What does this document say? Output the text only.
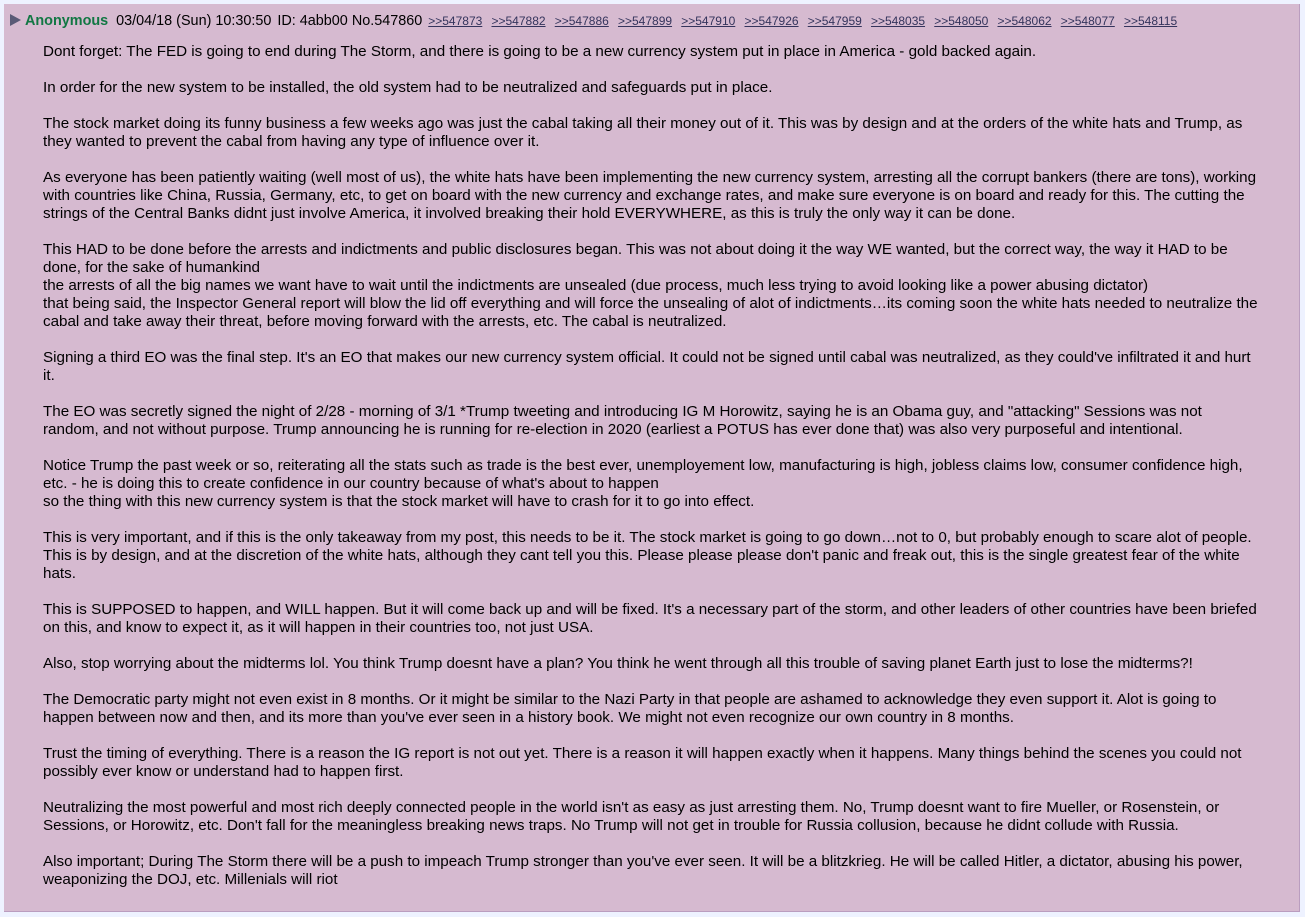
Anonymous 03/04/18 (Sun) 10:30:50 ID: 4abb00 No.547860 >>547873 >>547882 >>547886 >>547899 >>547910 >>547926 >>547959 >>548035 >>548050 >>548062 >>548077 >>548115
Dont forget: The FED is going to end during The Storm, and there is going to be a new currency system put in place in America - gold backed again.
In order for the new system to be installed, the old system had to be neutralized and safeguards put in place.
The stock market doing its funny business a few weeks ago was just the cabal taking all their money out of it. This was by design and at the orders of the white hats and Trump, as they wanted to prevent the cabal from having any type of influence over it.
As everyone has been patiently waiting (well most of us), the white hats have been implementing the new currency system, arresting all the corrupt bankers (there are tons), working with countries like China, Russia, Germany, etc, to get on board with the new currency and exchange rates, and make sure everyone is on board and ready for this. The cutting the strings of the Central Banks didnt just involve America, it involved breaking their hold EVERYWHERE, as this is truly the only way it can be done.
This HAD to be done before the arrests and indictments and public disclosures began. This was not about doing it the way WE wanted, but the correct way, the way it HAD to be done, for the sake of humankind
the arrests of all the big names we want have to wait until the indictments are unsealed (due process, much less trying to avoid looking like a power abusing dictator)
that being said, the Inspector General report will blow the lid off everything and will force the unsealing of alot of indictments…its coming soon the white hats needed to neutralize the cabal and take away their threat, before moving forward with the arrests, etc. The cabal is neutralized.
Signing a third EO was the final step. It's an EO that makes our new currency system official. It could not be signed until cabal was neutralized, as they could've infiltrated it and hurt it.
The EO was secretly signed the night of 2/28 - morning of 3/1 *Trump tweeting and introducing IG M Horowitz, saying he is an Obama guy, and "attacking" Sessions was not random, and not without purpose. Trump announcing he is running for re-election in 2020 (earliest a POTUS has ever done that) was also very purposeful and intentional.
Notice Trump the past week or so, reiterating all the stats such as trade is the best ever, unemployement low, manufacturing is high, jobless claims low, consumer confidence high, etc. - he is doing this to create confidence in our country because of what's about to happen
so the thing with this new currency system is that the stock market will have to crash for it to go into effect.
This is very important, and if this is the only takeaway from my post, this needs to be it. The stock market is going to go down…not to 0, but probably enough to scare alot of people. This is by design, and at the discretion of the white hats, although they cant tell you this. Please please please don't panic and freak out, this is the single greatest fear of the white hats.
This is SUPPOSED to happen, and WILL happen. But it will come back up and will be fixed. It's a necessary part of the storm, and other leaders of other countries have been briefed on this, and know to expect it, as it will happen in their countries too, not just USA.
Also, stop worrying about the midterms lol. You think Trump doesnt have a plan? You think he went through all this trouble of saving planet Earth just to lose the midterms?!
The Democratic party might not even exist in 8 months. Or it might be similar to the Nazi Party in that people are ashamed to acknowledge they even support it. Alot is going to happen between now and then, and its more than you've ever seen in a history book. We might not even recognize our own country in 8 months.
Trust the timing of everything. There is a reason the IG report is not out yet. There is a reason it will happen exactly when it happens. Many things behind the scenes you could not possibly ever know or understand had to happen first.
Neutralizing the most powerful and most rich deeply connected people in the world isn't as easy as just arresting them. No, Trump doesnt want to fire Mueller, or Rosenstein, or Sessions, or Horowitz, etc. Don't fall for the meaningless breaking news traps. No Trump will not get in trouble for Russia collusion, because he didnt collude with Russia.
Also important; During The Storm there will be a push to impeach Trump stronger than you've ever seen. It will be a blitzkrieg. He will be called Hitler, a dictator, abusing his power, weaponizing the DOJ, etc. Millenials will riot
